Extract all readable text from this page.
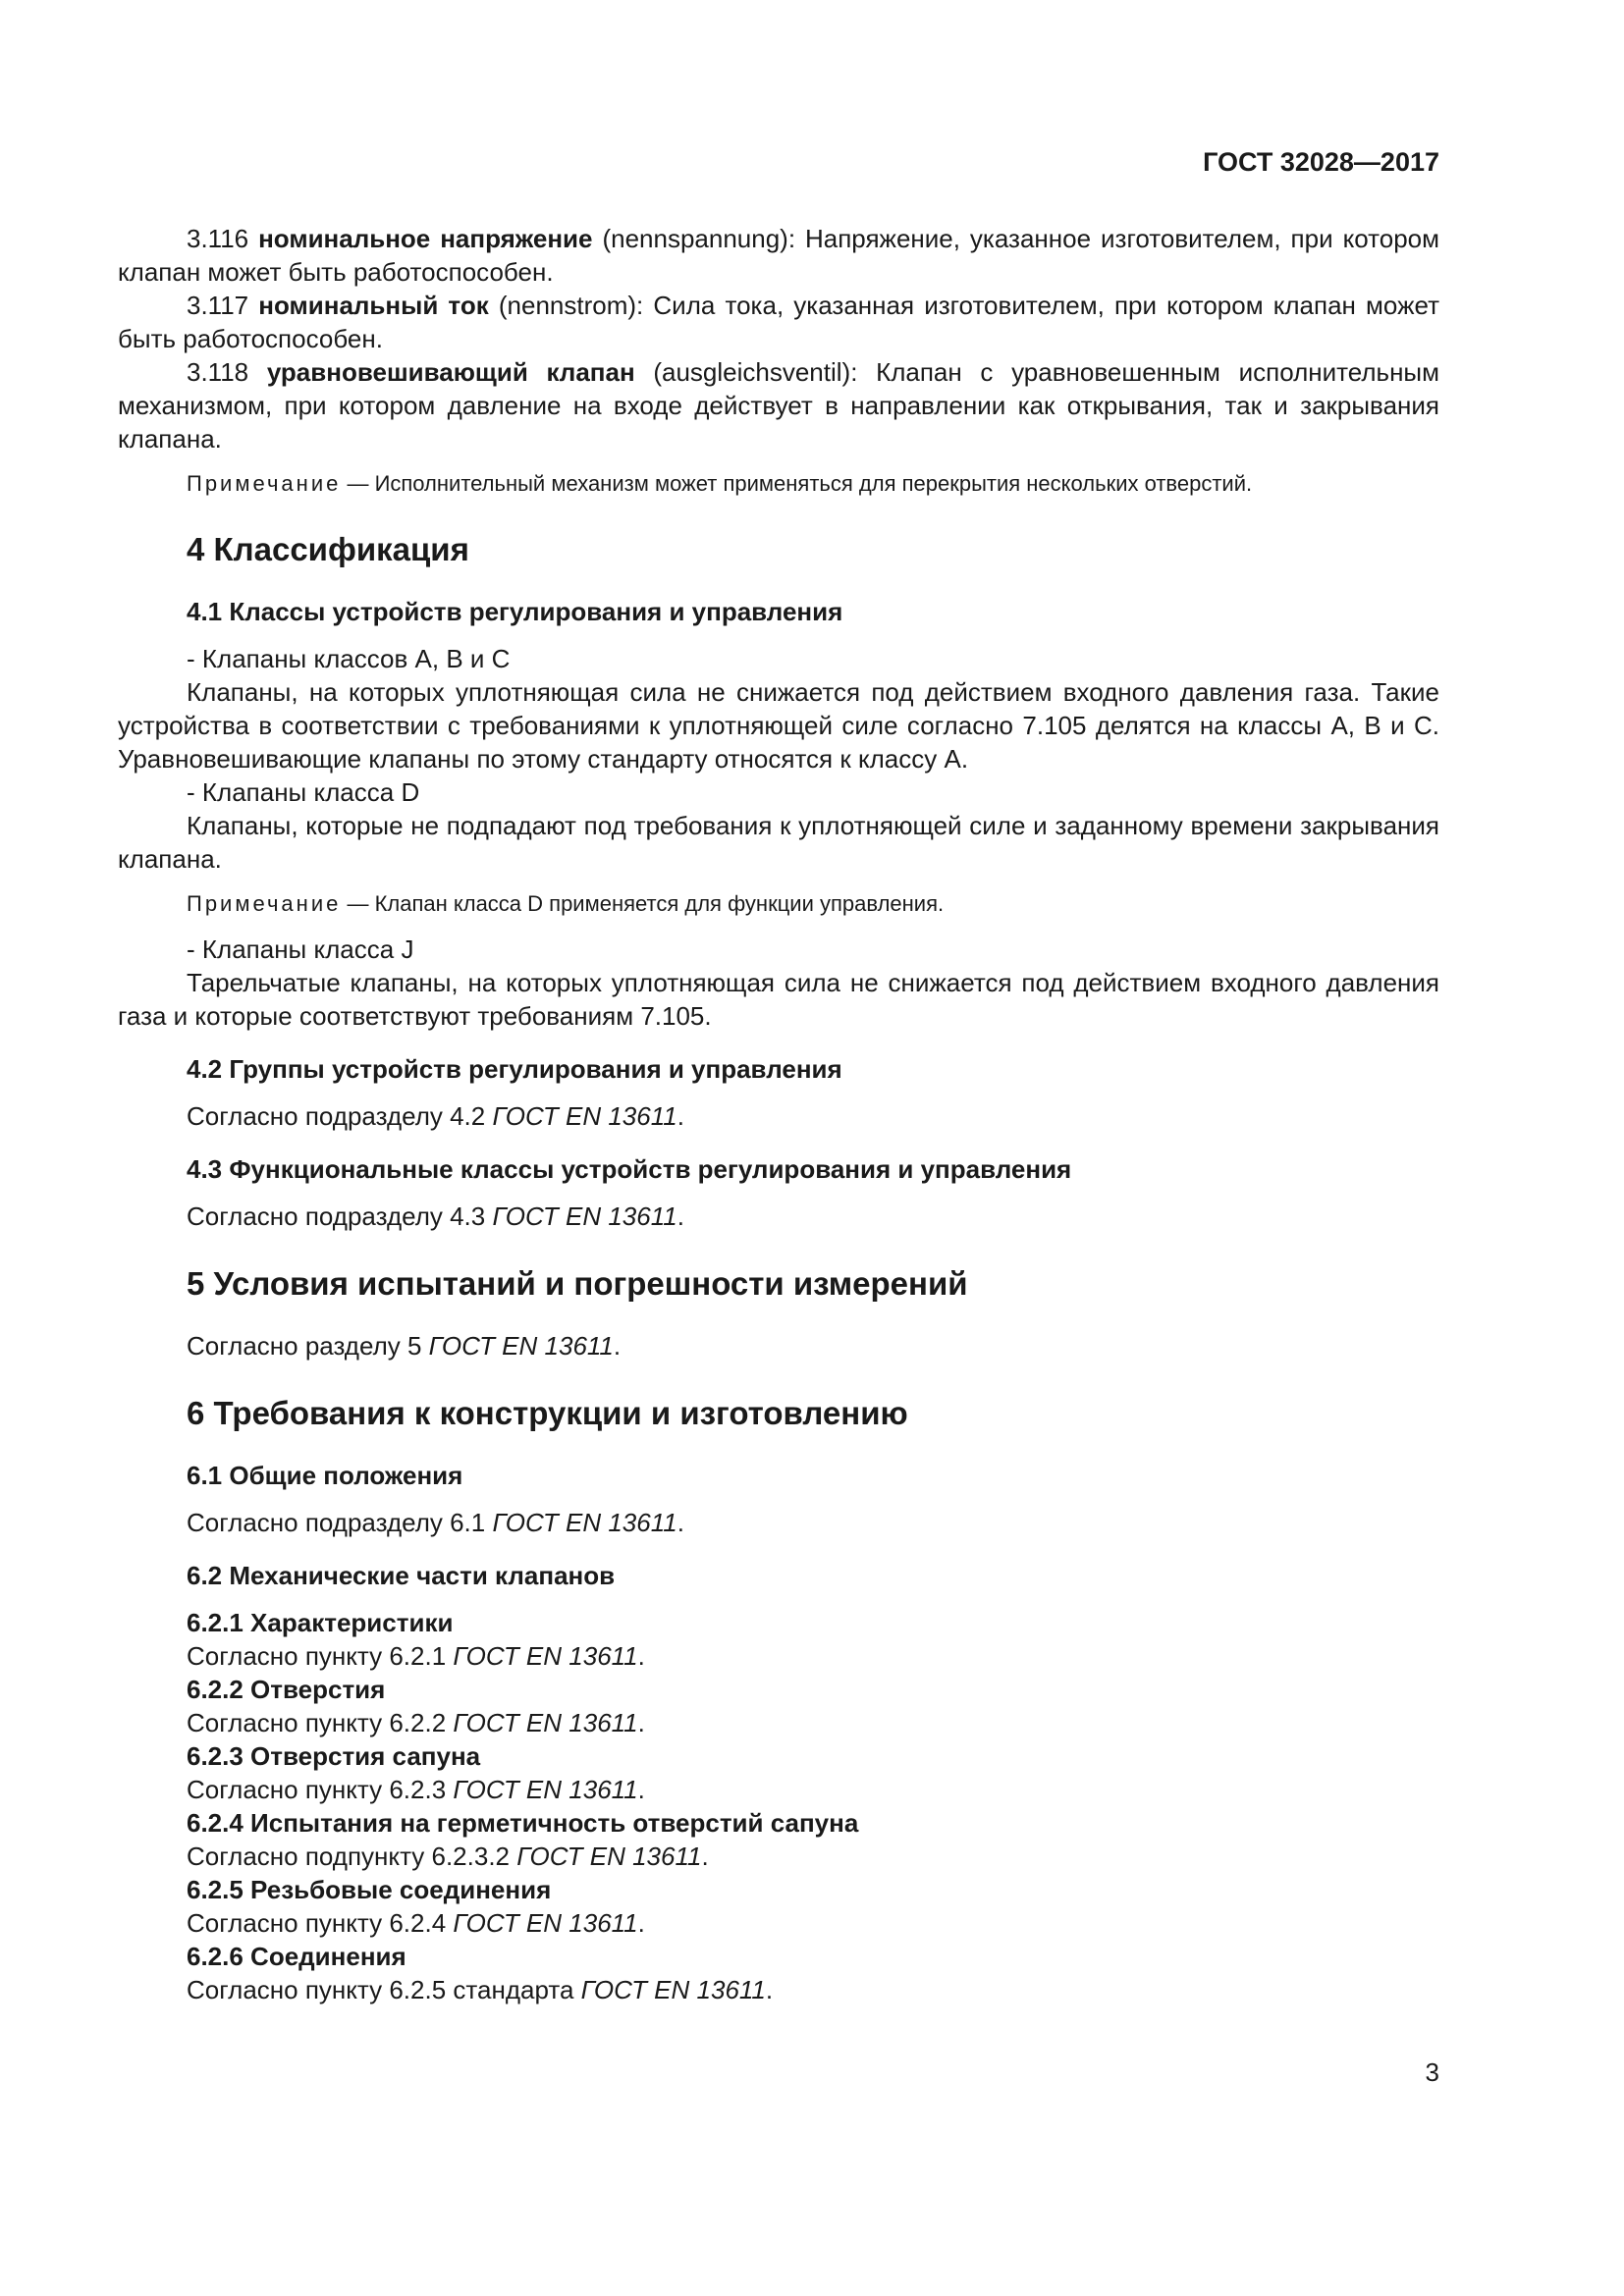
ГОСТ 32028—2017

3.116 номинальное напряжение (nennspannung): Напряжение, указанное изготовителем, при котором клапан может быть работоспособен.

3.117 номинальный ток (nennstrom): Сила тока, указанная изготовителем, при котором клапан может быть работоспособен.

3.118 уравновешивающий клапан (ausgleichsventil): Клапан с уравновешенным исполнительным механизмом, при котором давление на входе действует в направлении как открывания, так и закрывания клапана.

Примечание — Исполнительный механизм может применяться для перекрытия нескольких отверстий.

4 Классификация
4.1 Классы устройств регулирования и управления

- Клапаны классов А, В и С

Клапаны, на которых уплотняющая сила не снижается под действием входного давления газа. Такие устройства в соответствии с требованиями к уплотняющей силе согласно 7.105 делятся на классы А, В и С. Уравновешивающие клапаны по этому стандарту относятся к классу А.

- Клапаны класса D

Клапаны, которые не подпадают под требования к уплотняющей силе и заданному времени закрывания клапана.

Примечание — Клапан класса D применяется для функции управления.

- Клапаны класса J

Тарельчатые клапаны, на которых уплотняющая сила не снижается под действием входного давления газа и которые соответствуют требованиям 7.105.

4.2 Группы устройств регулирования и управления

Согласно подразделу 4.2 ГОСТ EN 13611.

4.3 Функциональные классы устройств регулирования и управления

Согласно подразделу 4.3 ГОСТ EN 13611.

5 Условия испытаний и погрешности измерений

Согласно разделу 5 ГОСТ EN 13611.

6 Требования к конструкции и изготовлению
6.1 Общие положения

Согласно подразделу 6.1 ГОСТ EN 13611.

6.2 Механические части клапанов

6.2.1 Характеристики

Согласно пункту 6.2.1 ГОСТ EN 13611.

6.2.2 Отверстия

Согласно пункту 6.2.2 ГОСТ EN 13611.

6.2.3 Отверстия сапуна

Согласно пункту 6.2.3 ГОСТ EN 13611.

6.2.4 Испытания на герметичность отверстий сапуна

Согласно подпункту 6.2.3.2 ГОСТ EN 13611.

6.2.5 Резьбовые соединения

Согласно пункту 6.2.4 ГОСТ EN 13611.

6.2.6 Соединения

Согласно пункту 6.2.5 стандарта ГОСТ EN 13611.

3
